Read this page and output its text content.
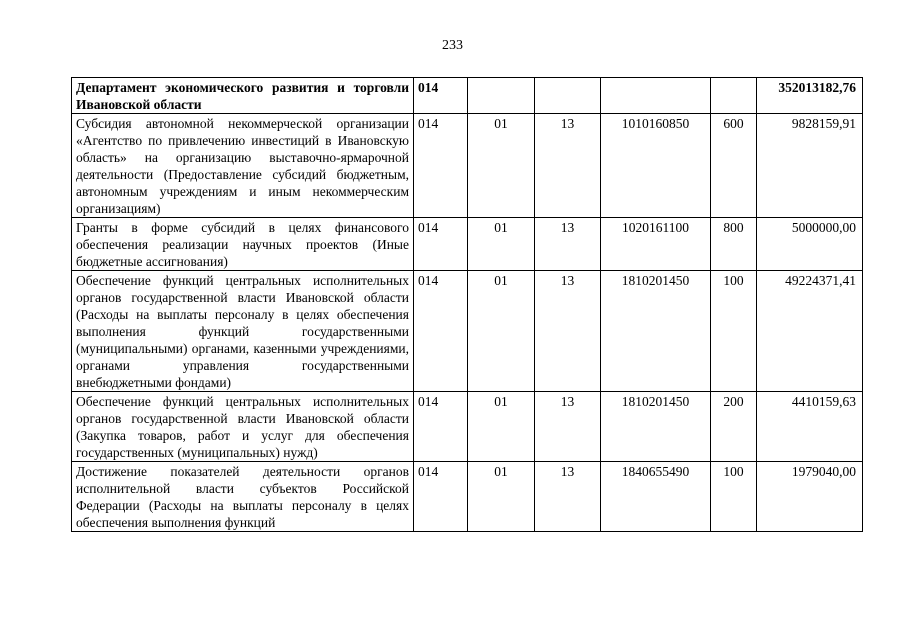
233
Департамент экономического развития и торговли Ивановской области	014					352013182,76
Субсидия автономной некоммерческой организации «Агентство по привлечению инвестиций в Ивановскую область» на организацию выставочно-ярмарочной деятельности (Предоставление субсидий бюджетным, автономным учреждениям и иным некоммерческим организациям)	014	01	13	1010160850	600	9828159,91
Гранты в форме субсидий в целях финансового обеспечения реализации научных проектов (Иные бюджетные ассигнования)	014	01	13	1020161100	800	5000000,00
Обеспечение функций центральных исполнительных органов государственной власти Ивановской области (Расходы на выплаты персоналу в целях обеспечения выполнения функций государственными (муниципальными) органами, казенными учреждениями, органами управления государственными внебюджетными фондами)	014	01	13	1810201450	100	49224371,41
Обеспечение функций центральных исполнительных органов государственной власти Ивановской области (Закупка товаров, работ и услуг для обеспечения государственных (муниципальных) нужд)	014	01	13	1810201450	200	4410159,63
Достижение показателей деятельности органов исполнительной власти субъектов Российской Федерации (Расходы на выплаты персоналу в целях обеспечения выполнения функций	014	01	13	1840655490	100	1979040,00
